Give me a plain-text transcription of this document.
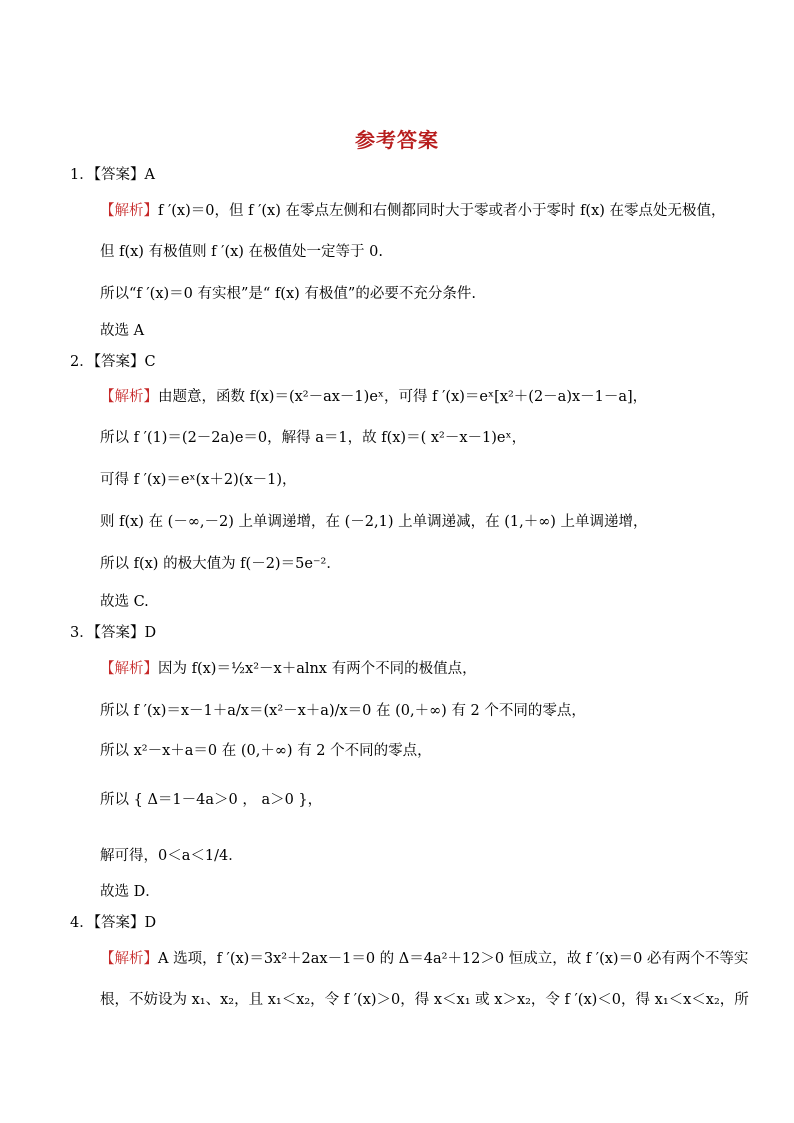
参考答案
1．【答案】A
【解析】f ′(x)＝0，但 f ′(x) 在零点左侧和右侧都同时大于零或者小于零时 f(x) 在零点处无极值，
但 f(x) 有极值则 f ′(x) 在极值处一定等于 0.
所以“f ′(x)＝0 有实根”是“ f(x) 有极值”的必要不充分条件.
故选 A
2．【答案】C
【解析】由题意，函数 f(x)＝(x²－ax－1)eˣ，可得 f ′(x)＝eˣ[x²＋(2－a)x－1－a]，
所以 f ′(1)＝(2－2a)e＝0，解得 a＝1，故 f(x)＝( x²－x－1)eˣ，
可得 f ′(x)＝eˣ(x＋2)(x－1)，
则 f(x) 在 (－∞,－2) 上单调递增，在 (－2,1) 上单调递减，在 (1,＋∞) 上单调递增，
所以 f(x) 的极大值为 f(－2)＝5e⁻²．
故选 C.
3．【答案】D
【解析】因为 f(x)＝½x²－x＋alnx 有两个不同的极值点，
所以 f ′(x)＝x－1＋a/x＝(x²－x＋a)/x＝0 在 (0,＋∞) 有 2 个不同的零点，
所以 x²－x＋a＝0 在 (0,＋∞) 有 2 个不同的零点，
所以 { Δ＝1－4a＞0 ， a＞0 }，
解可得，0＜a＜1/4．
故选 D．
4．【答案】D
【解析】A 选项，f ′(x)＝3x²＋2ax－1＝0 的 Δ＝4a²＋12＞0 恒成立，故 f ′(x)＝0 必有两个不等实
根，不妨设为 x₁、x₂，且 x₁＜x₂，令 f ′(x)＞0，得 x＜x₁ 或 x＞x₂，令 f ′(x)＜0，得 x₁＜x＜x₂，所
